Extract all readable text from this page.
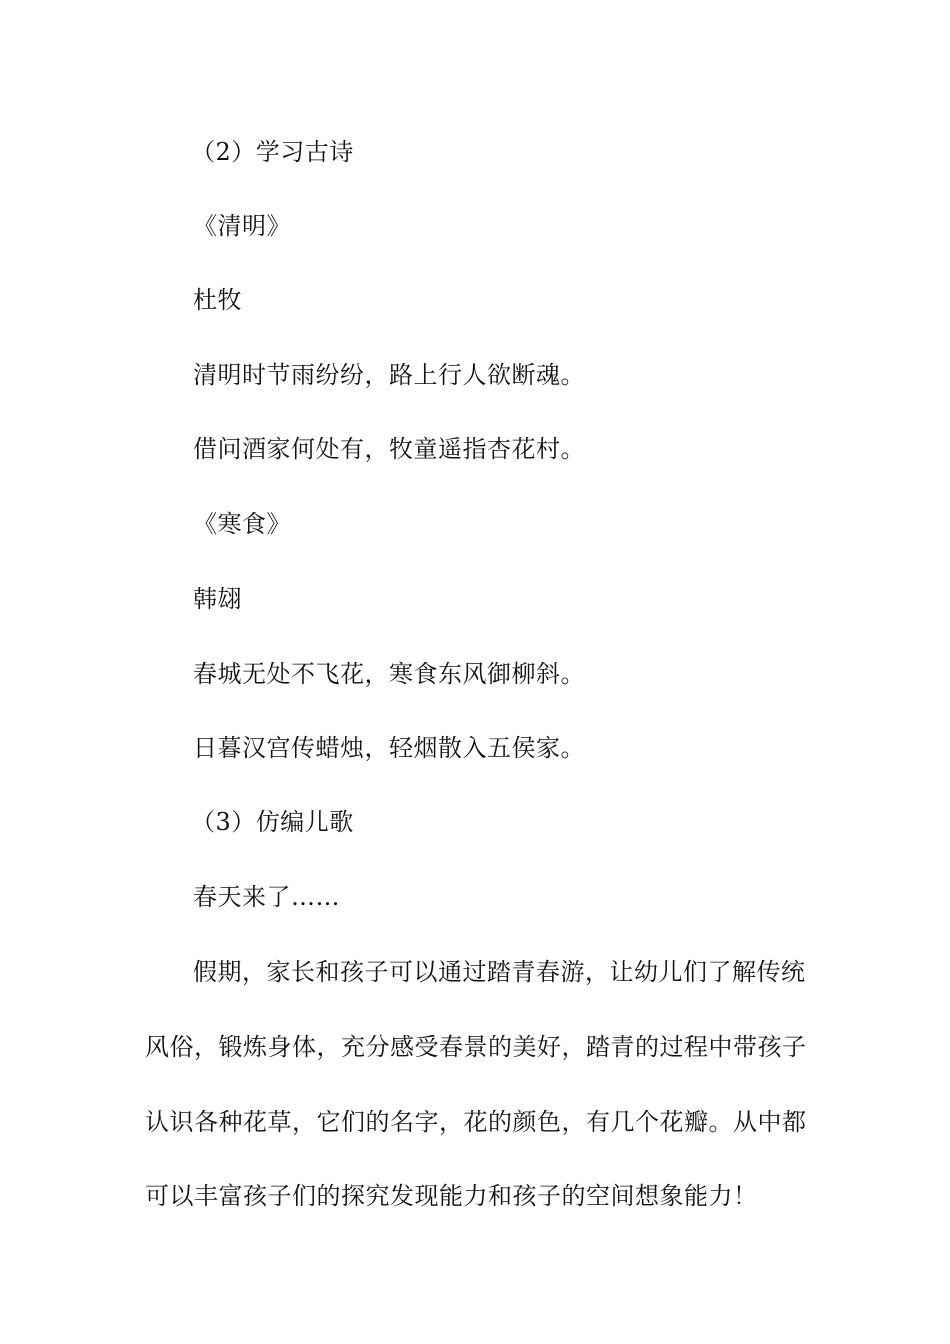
（2）学习古诗
《清明》
杜牧
清明时节雨纷纷，路上行人欲断魂。
借问酒家何处有，牧童遥指杏花村。
《寒食》
韩翃
春城无处不飞花，寒食东风御柳斜。
日暮汉宫传蜡烛，轻烟散入五侯家。
（3）仿编儿歌
春天来了……
假期，家长和孩子可以通过踏青春游，让幼儿们了解传统
风俗，锻炼身体，充分感受春景的美好，踏青的过程中带孩子
认识各种花草，它们的名字，花的颜色，有几个花瓣。从中都
可以丰富孩子们的探究发现能力和孩子的空间想象能力！
